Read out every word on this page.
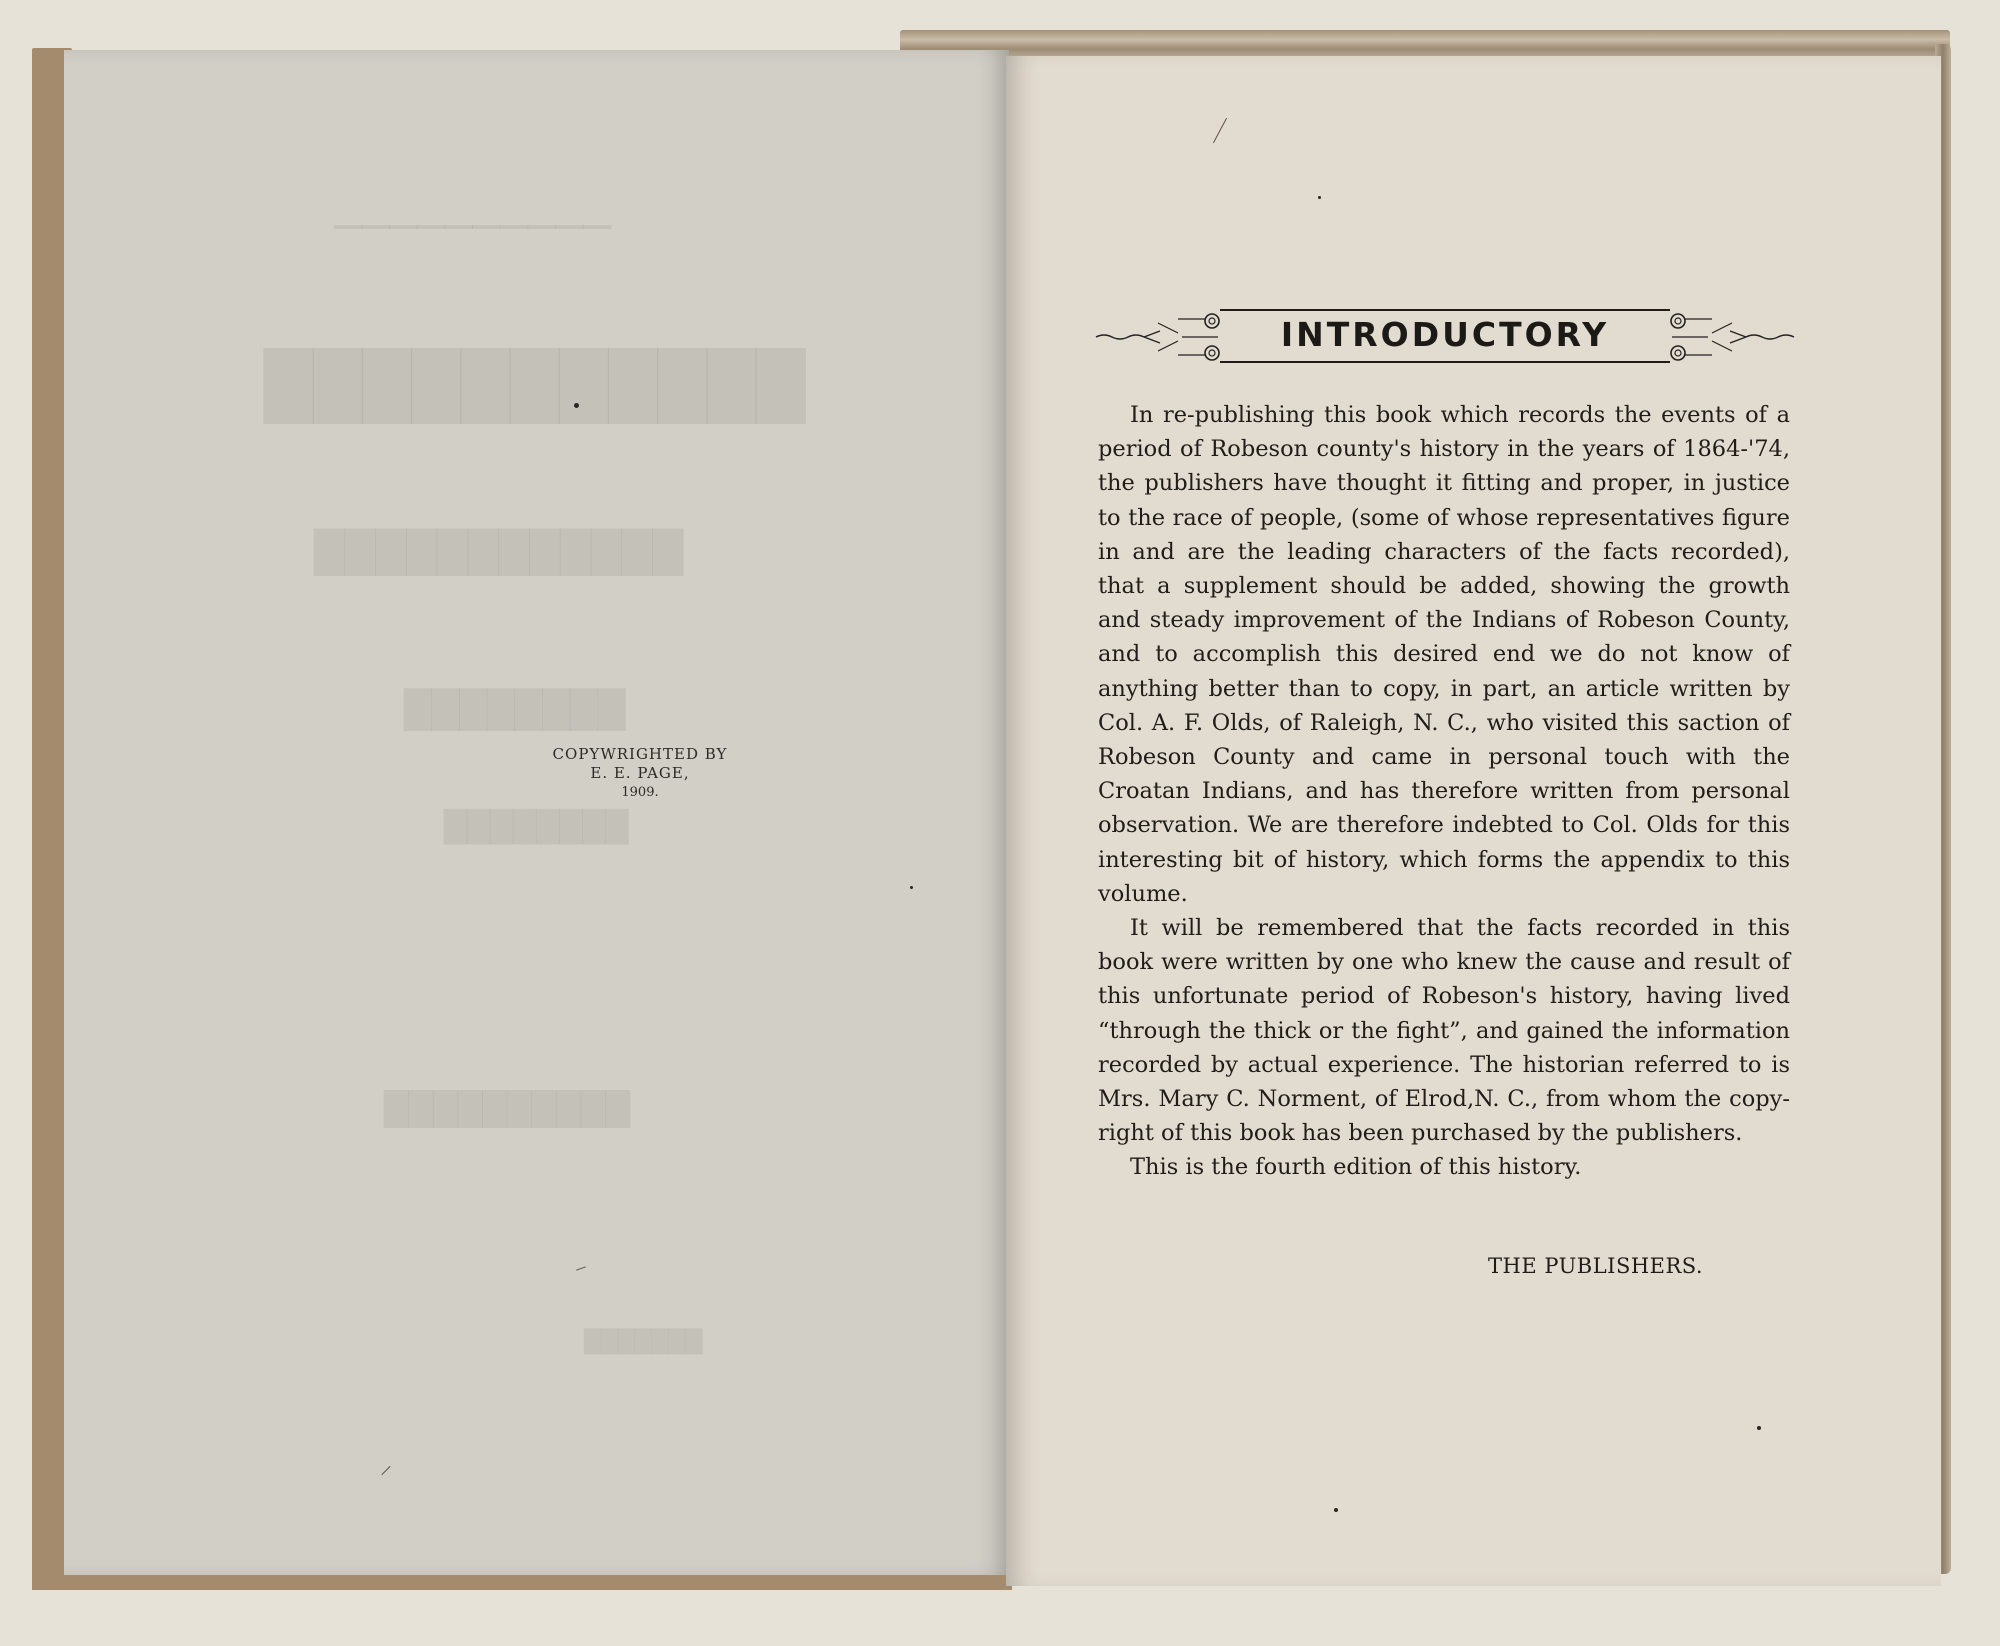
COPYWRIGHTED BY
E. E. PAGE,
1909.
INTRODUCTORY

In re-publishing this book which records the events of a period of Robeson county's history in the years of 1864-'74, the publishers have thought it fitting and proper, in justice to the race of people, (some of whose representatives figure in and are the leading characters of the facts recorded), that a supplement should be added, showing the growth and steady improvement of the Indians of Robeson County, and to accomplish this desired end we do not know of anything better than to copy, in part, an article written by Col. A. F. Olds, of Raleigh, N. C., who visited this saction of Robeson County and came in personal touch with the Croatan Indians, and has therefore written from personal observation. We are therefore indebted to Col. Olds for this interesting bit of history, which forms the appendix to this volume.

It will be remembered that the facts recorded in this book were written by one who knew the cause and result of this unfortunate period of Robeson's history, having lived “through the thick or the fight”, and gained the information recorded by actual experience. The historian referred to is Mrs. Mary C. Norment, of Elrod,N. C., from whom the copy-right of this book has been purchased by the publishers.

This is the fourth edition of this history.

THE PUBLISHERS.
